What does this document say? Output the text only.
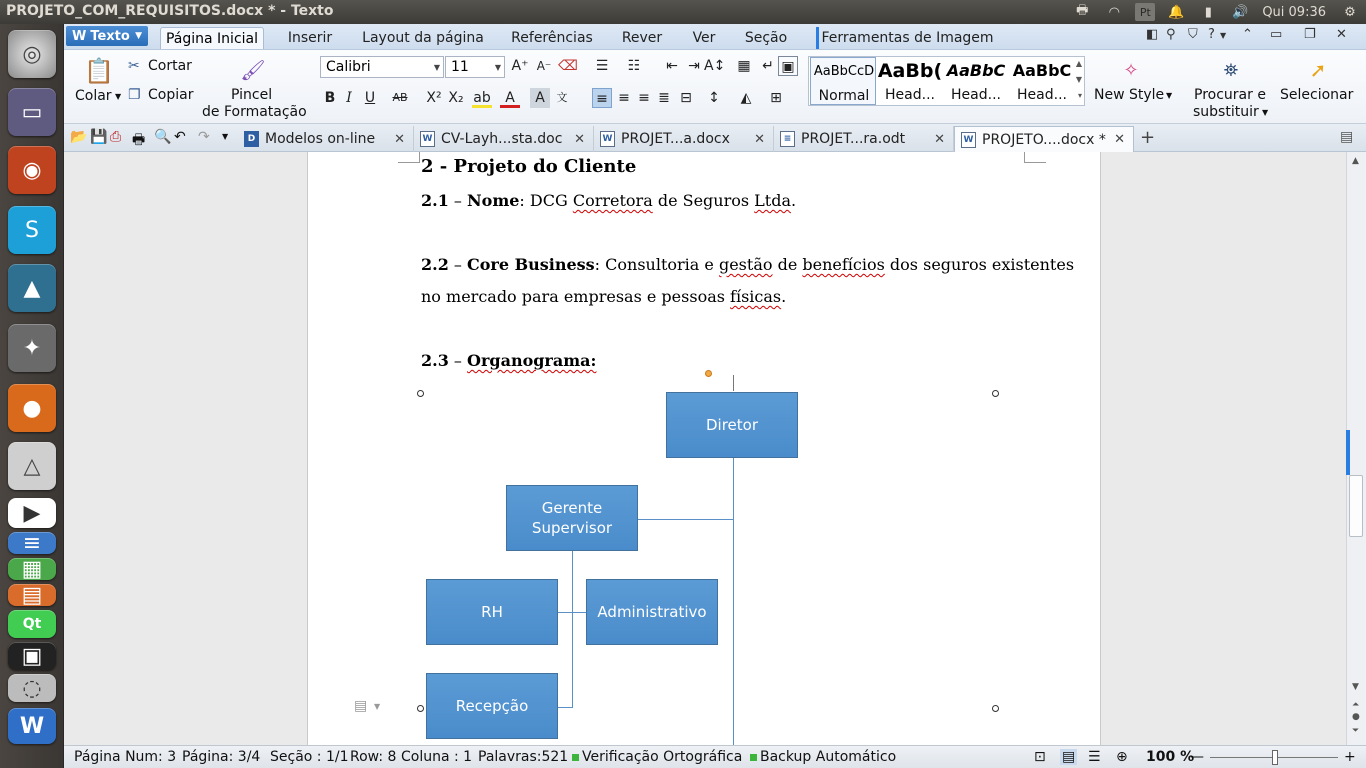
PROJETO_COM_REQUISITOS.docx * - Texto	🖶	◠	Pt	🔔	▮	🔊 Qui 09:36	⚙
◎
▭
◉
S
▲
✦
●
△
▶
≡
▦
▤
Qt
▣
◌
W
W Texto ▼	Página Inicial	Inserir	Layout da página	Referências	Rever	Ver	Seção	Ferramentas de Imagem	◧ ⚲ ⛉ ? ▼ ⌃ ▭ ❐ ✕
📋
Colar ▼
✂ Cortar
❐ Copiar
🖌
Pincel
de Formatação
Calibri	▼ 11	▼ A⁺ A⁻ ⌫
B I U	AB X² X₂ ab	A	A	文
☰ ☷ ⇤ ⇥ A↕ ▦ ↵ ▣
≡ ≡ ≡ ≣ ⊟ ↕	◭	⊞
AaBbCcD
Normal
AaBb(
Head...
AaBbC
Head...
AaBbC
Head...
▲
▼
▾
✧
New Style ▼
⛯
Procurar e
substituir ▼
➚
Selecionar
📂 💾 ⎙ 🖶 🔍 ↶ ↷ ▼	D Modelos on-line ✕ W CV-Layh...sta.doc ✕ W PROJET...a.docx ✕	≡ PROJET...ra.odt ✕ W PROJETO....docx * ✕ +	▤
2 - Projeto do Cliente
2.1 – Nome: DCG Corretora de Seguros Ltda.
2.2 – Core Business: Consultoria e gestão de benefícios dos seguros existentes
no mercado para empresas e pessoas físicas.
2.3 – Organograma:
Diretor
Gerente
Supervisor
RH	Administrativo
Recepção
▤ ▼
▲
▼
⏶
●
⏷
Página Num: 3 Página: 3/4 Seção : 1/1 Row: 8 Coluna : 1 Palavras:521 Verificação Ortográfica	Backup Automático	⊡ ▤ ☰ ⊕ 100 %
—	+
